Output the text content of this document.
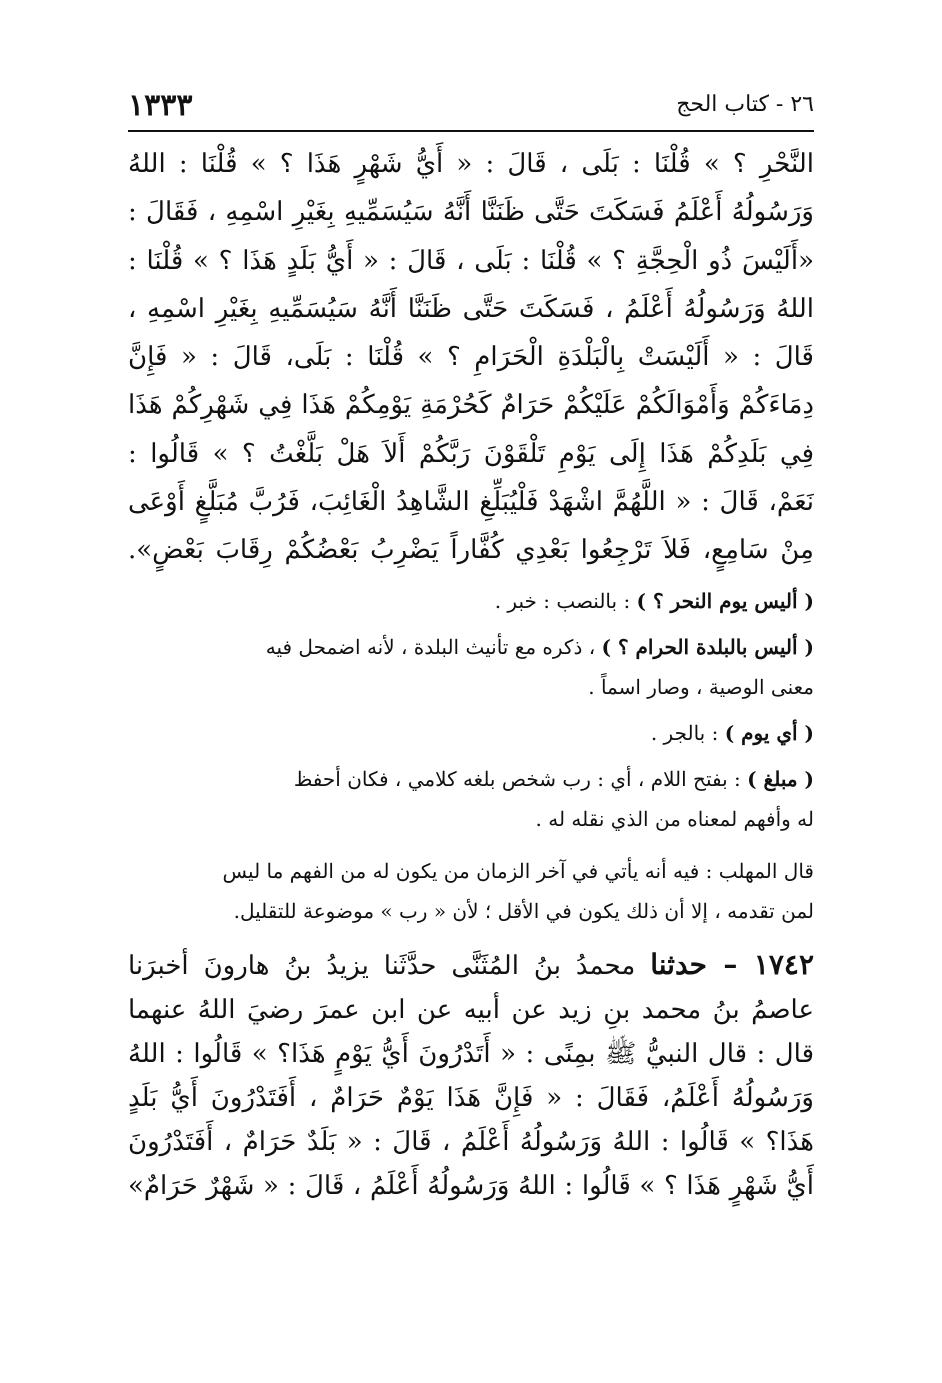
١٣٣٣	٢٦ - كتاب الحج
النَّحْرِ ؟ » قُلْنَا : بَلَى ، قَالَ : « أَيُّ شَهْرٍ هَذَا ؟ » قُلْنَا : اللهُ
وَرَسُولُهُ أَعْلَمُ فَسَكَتَ حَتَّى ظَنَنَّا أَنَّهُ سَيُسَمِّيهِ بِغَيْرِ اسْمِهِ ، فَقَالَ :
«أَلَيْسَ ذُو الْحِجَّةِ ؟ » قُلْنَا : بَلَى ، قَالَ : « أَيُّ بَلَدٍ هَذَا ؟ » قُلْنَا :
اللهُ وَرَسُولُهُ أَعْلَمُ ، فَسَكَتَ حَتَّى ظَنَنَّا أَنَّهُ سَيُسَمِّيهِ بِغَيْرِ اسْمِهِ ،
قَالَ : « أَلَيْسَتْ بِالْبَلْدَةِ الْحَرَامِ ؟ » قُلْنَا : بَلَى، قَالَ : « فَإِنَّ
دِمَاءَكُمْ وَأَمْوَالَكُمْ عَلَيْكُمْ حَرَامٌ كَحُرْمَةِ يَوْمِكُمْ هَذَا فِي شَهْرِكُمْ هَذَا
فِي بَلَدِكُمْ هَذَا إِلَى يَوْمِ تَلْقَوْنَ رَبَّكُمْ أَلاَ هَلْ بَلَّغْتُ ؟ » قَالُوا :
نَعَمْ، قَالَ : « اللَّهُمَّ اشْهَدْ فَلْيُبَلِّغِ الشَّاهِدُ الْغَائِبَ، فَرُبَّ مُبَلَّغٍ أَوْعَى
مِنْ سَامِعٍ، فَلاَ تَرْجِعُوا بَعْدِي كُفَّاراً يَضْرِبُ بَعْضُكُمْ رِقَابَ بَعْضٍ».
( أليس يوم النحر ؟ ) : بالنصب : خبر .
( أليس بالبلدة الحرام ؟ ) ، ذكره مع تأنيث البلدة ، لأنه اضمحل فيه
معنى الوصية ، وصار اسماً .
( أي يوم ) : بالجر .
( مبلغ ) : بفتح اللام ، أي : رب شخص بلغه كلامي ، فكان أحفظ
له وأفهم لمعناه من الذي نقله له .
قال المهلب : فيه أنه يأتي في آخر الزمان من يكون له من الفهم ما ليس
لمن تقدمه ، إلا أن ذلك يكون في الأقل ؛ لأن « رب » موضوعة للتقليل.
١٧٤٢ – حدثنا محمدُ بنُ المُثَنَّى حدَّثَنا يزيدُ بنُ هارونَ أخبرَنا
عاصمُ بنُ محمد بنِ زيد عن أبيه عن ابن عمرَ رضيَ اللهُ عنهما
قال : قال النبيُّ ﷺ بمِنًى : « أَتَدْرُونَ أَيُّ يَوْمٍ هَذَا؟ » قَالُوا : اللهُ
وَرَسُولُهُ أَعْلَمُ، فَقَالَ : « فَإِنَّ هَذَا يَوْمٌ حَرَامٌ ، أَفَتَدْرُونَ أَيُّ بَلَدٍ
هَذَا؟ » قَالُوا : اللهُ وَرَسُولُهُ أَعْلَمُ ، قَالَ : « بَلَدٌ حَرَامٌ ، أَفَتَدْرُونَ
أَيُّ شَهْرٍ هَذَا ؟ » قَالُوا : اللهُ وَرَسُولُهُ أَعْلَمُ ، قَالَ : « شَهْرٌ حَرَامٌ»
